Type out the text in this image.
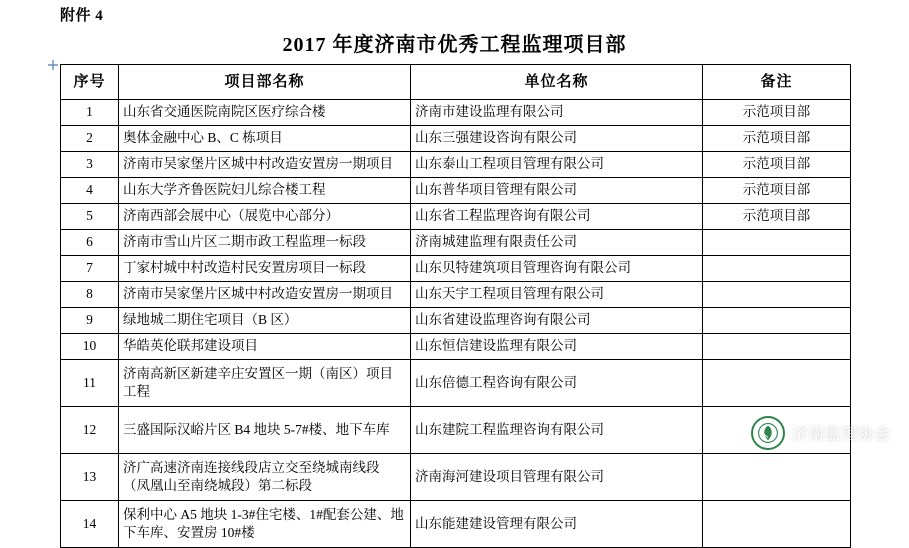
附件 4
2017 年度济南市优秀工程监理项目部
序号	项目部名称	单位名称	备注
1	山东省交通医院南院区医疗综合楼	济南市建设监理有限公司	示范项目部
2	奥体金融中心 B、C 栋项目	山东三强建设咨询有限公司	示范项目部
3	济南市吴家堡片区城中村改造安置房一期项目	山东泰山工程项目管理有限公司	示范项目部
4	山东大学齐鲁医院妇儿综合楼工程	山东普华项目管理有限公司	示范项目部
5	济南西部会展中心（展览中心部分）	山东省工程监理咨询有限公司	示范项目部
6	济南市雪山片区二期市政工程监理一标段	济南城建监理有限责任公司	
7	丁家村城中村改造村民安置房项目一标段	山东贝特建筑项目管理咨询有限公司	
8	济南市吴家堡片区城中村改造安置房一期项目	山东天宇工程项目管理有限公司	
9	绿地城二期住宅项目（B 区）	山东省建设监理咨询有限公司	
10	华皓英伦联邦建设项目	山东恒信建设监理有限公司	
11	济南高新区新建辛庄安置区一期（南区）项目工程	山东倍德工程咨询有限公司	
12	三盛国际汉峪片区 B4 地块 5-7#楼、地下车库	山东建院工程监理咨询有限公司	
13	济广高速济南连接线段店立交至绕城南线段（凤凰山至南绕城段）第二标段	济南海河建设项目管理有限公司	
14	保利中心 A5 地块 1-3#住宅楼、1#配套公建、地下车库、安置房 10#楼	山东能建建设管理有限公司	
济南监理协会
